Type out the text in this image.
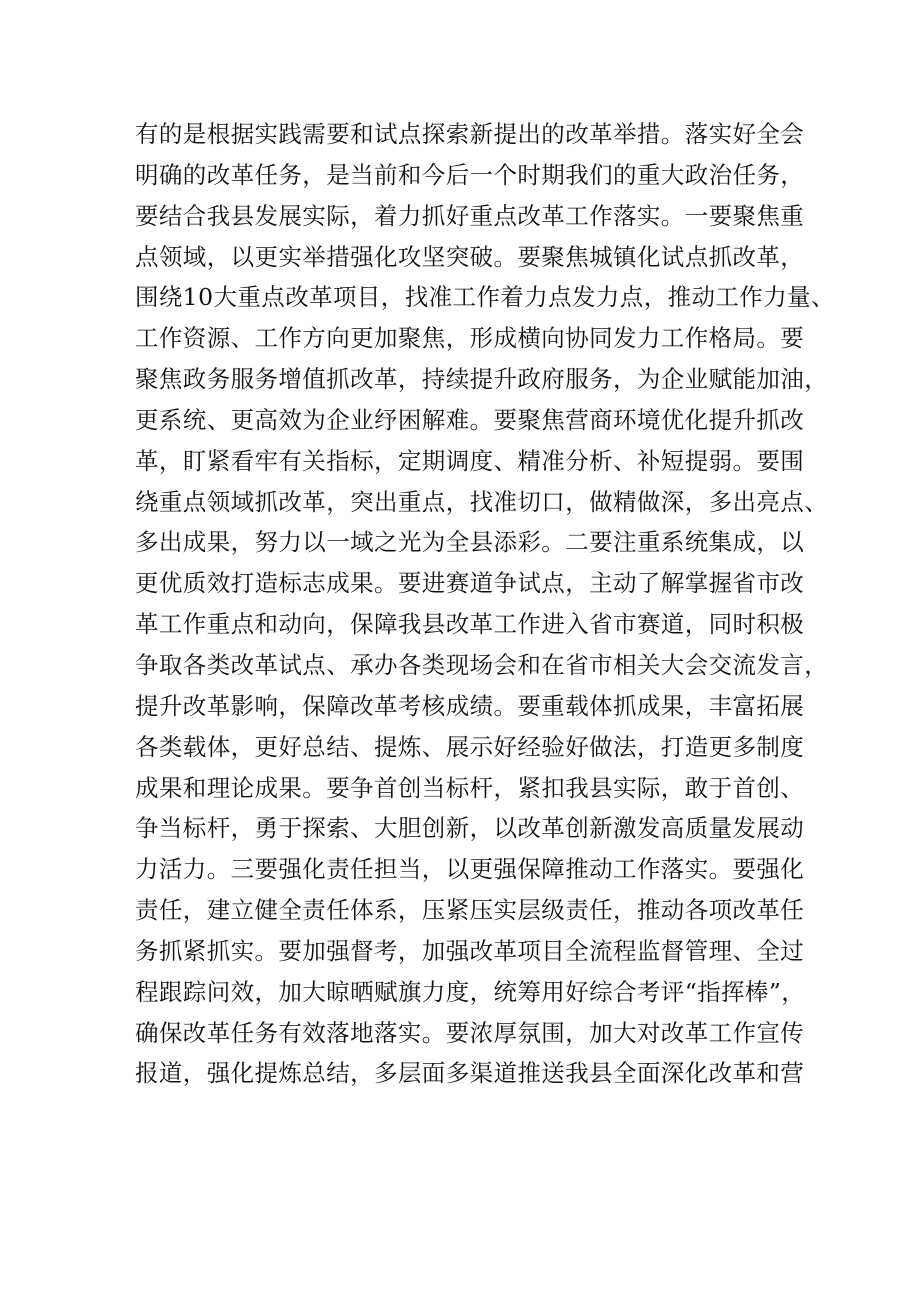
有的是根据实践需要和试点探索新提出的改革举措。落实好全会
明确的改革任务，是当前和今后一个时期我们的重大政治任务，
要结合我县发展实际，着力抓好重点改革工作落实。一要聚焦重
点领域，以更实举措强化攻坚突破。要聚焦城镇化试点抓改革，
围绕10大重点改革项目，找准工作着力点发力点，推动工作力量、
工作资源、工作方向更加聚焦，形成横向协同发力工作格局。要
聚焦政务服务增值抓改革，持续提升政府服务，为企业赋能加油，
更系统、更高效为企业纾困解难。要聚焦营商环境优化提升抓改
革，盯紧看牢有关指标，定期调度、精准分析、补短提弱。要围
绕重点领域抓改革，突出重点，找准切口，做精做深，多出亮点、
多出成果，努力以一域之光为全县添彩。二要注重系统集成，以
更优质效打造标志成果。要进赛道争试点，主动了解掌握省市改
革工作重点和动向，保障我县改革工作进入省市赛道，同时积极
争取各类改革试点、承办各类现场会和在省市相关大会交流发言，
提升改革影响，保障改革考核成绩。要重载体抓成果，丰富拓展
各类载体，更好总结、提炼、展示好经验好做法，打造更多制度
成果和理论成果。要争首创当标杆，紧扣我县实际，敢于首创、
争当标杆，勇于探索、大胆创新，以改革创新激发高质量发展动
力活力。三要强化责任担当，以更强保障推动工作落实。要强化
责任，建立健全责任体系，压紧压实层级责任，推动各项改革任
务抓紧抓实。要加强督考，加强改革项目全流程监督管理、全过
程跟踪问效，加大晾晒赋旗力度，统筹用好综合考评“指挥棒”，
确保改革任务有效落地落实。要浓厚氛围，加大对改革工作宣传
报道，强化提炼总结，多层面多渠道推送我县全面深化改革和营
